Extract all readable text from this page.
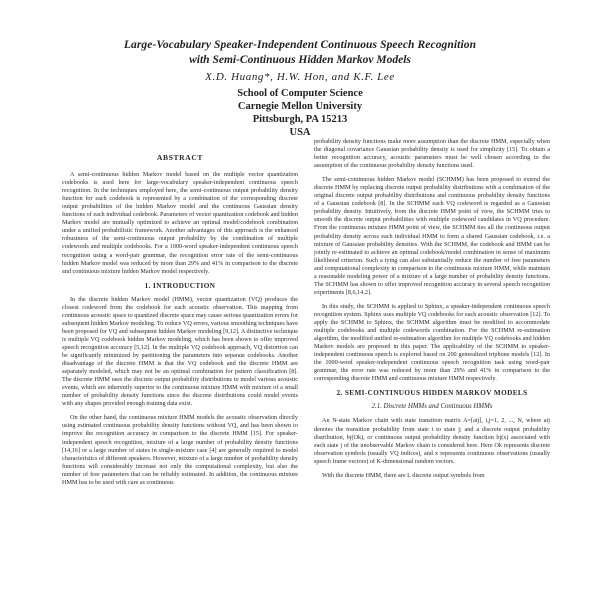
Large-Vocabulary Speaker-Independent Continuous Speech Recognition
with Semi-Continuous Hidden Markov Models
X.D. Huang*, H.W. Hon, and K.F. Lee
School of Computer Science
Carnegie Mellon University
Pittsburgh, PA 15213
USA
ABSTRACT

A semi-continuous hidden Markov model based on the multiple vector quantization codebooks is used here for large-vocabulary speaker-independent continuous speech recognition. In the techniques employed here, the semi-continuous output probability density function for each codebook is represented by a combination of the corresponding discrete output probabilities of the hidden Markov model and the continuous Gaussian density functions of each individual codebook. Parameters of vector quantization codebook and hidden Markov model are mutually optimized to achieve an optimal model/codebook combination under a unified probabilistic framework. Another advantages of this approach is the enhanced robustness of the semi-continuous output probability by the combination of multiple codewords and multiple codebooks. For a 1000-word speaker-independent continuous speech recognition using a word-pair grammar, the recognition error rate of the semi-continuous hidden Markov model was reduced by more than 29% and 41% in comparison to the discrete and continuous mixture hidden Markov model respectively.

1. INTRODUCTION

In the discrete hidden Markov model (HMM), vector quantization (VQ) produces the closest codeword from the codebook for each acoustic observation. This mapping from continuous acoustic space to quantized discrete space may cause serious quantization errors for subsequent hidden Markov modeling. To reduce VQ errors, various smoothing techniques have been proposed for VQ and subsequent hidden Markov modeling [9,12]. A distinctive technique is multiple VQ codebook hidden Markov modeling, which has been shown to offer improved speech recognition accuracy [5,12]. In the multiple VQ codebook approach, VQ distortion can be significantly minimized by partitioning the parameters into separate codebooks. Another disadvantage of the discrete HMM is that the VQ codebook and the discrete HMM are separately modeled, which may not be an optimal combination for pattern classification [8]. The discrete HMM uses the discrete output probability distributions to model various acoustic events, which are inherently superior to the continuous mixture HMM with mixture of a small number of probability density functions since the discrete distributions could model events with any shapes provided enough training data exist.

On the other hand, the continuous mixture HMM models the acoustic observation directly using estimated continuous probability density functions without VQ, and has been shown to improve the recognition accuracy in comparison to the discrete HMM [15]. For speaker-independent speech recognition, mixture of a large number of probability density functions [14,16] or a large number of states in single-mixture case [4] are generally required to model characteristics of different speakers. However, mixture of a large number of probability density functions will considerably increase not only the computational complexity, but also the number of free parameters that can be reliably estimated. In addition, the continuous mixture HMM has to be used with care as continuous

probability density functions make more assumption than the discrete HMM, especially when the diagonal covariance Gaussian probability density is used for simplicity [15]. To obtain a better recognition accuracy, acoustic parameters must be well chosen according to the assumption of the continuous probability density functions used.

The semi-continuous hidden Markov model (SCHMM) has been proposed to extend the discrete HMM by replacing discrete output probability distributions with a combination of the original discrete output probability distributions and continuous probability density functions of a Gaussian codebook [8]. In the SCHMM each VQ codeword is regarded as a Gaussian probability density. Intuitively, from the discrete HMM point of view, the SCHMM tries to smooth the discrete output probabilities with multiple codeword candidates in VQ procedure. From the continuous mixture HMM point of view, the SCHMM ties all the continuous output probability density across each individual HMM to form a shared Gaussian codebook, i.e. a mixture of Gaussian probability densities. With the SCHMM, the codebook and HMM can be jointly re-estimated to achieve an optimal codebook/model combination in sense of maximum likelihood criterion. Such a tying can also substantially reduce the number of free parameters and computational complexity in comparison to the continuous mixture HMM, while maintain a reasonable modeling power of a mixture of a large number of probability density functions. The SCHMM has shown to offer improved recognition accuracy in several speech recognition experiments [8,6,14,2].

In this study, the SCHMM is applied to Sphinx, a speaker-independent continuous speech recognition system. Sphinx uses multiple VQ codebooks for each acoustic observation [12]. To apply the SCHMM to Sphinx, the SCHMM algorithm must be modified to accommodate multiple codebooks and multiple codewords combination. For the SCHMM re-estimation algorithm, the modified unified re-estimation algorithm for multiple VQ codebooks and hidden Markov models are proposed in this paper. The applicability of the SCHMM to speaker-independent continuous speech is explored based on 200 generalized triphone models [12]. In the 1000-word speaker-independent continuous speech recognition task using word-pair grammar, the error rate was reduced by more than 29% and 41% in comparison to the corresponding discrete HMM and continuous mixture HMM respectively.

2. SEMI-CONTINUOUS HIDDEN MARKOV MODELS
2.1. Discrete HMMs and Continuous HMMs

An N-state Markov chain with state transition matrix A=[aij], i,j=1, 2, ..., N, where aij denotes the transition probability from state i to state j; and a discrete output probability distribution, bj(Ok), or continuous output probability density function bj(x) associated with each state j of the unobservable Markov chain is considered here. Here Ok represents discrete observation symbols (usually VQ indices), and x represents continuous observations (usually speech frame vectors) of K-dimensional random vectors.

With the discrete HMM, there are L discrete output symbols from
